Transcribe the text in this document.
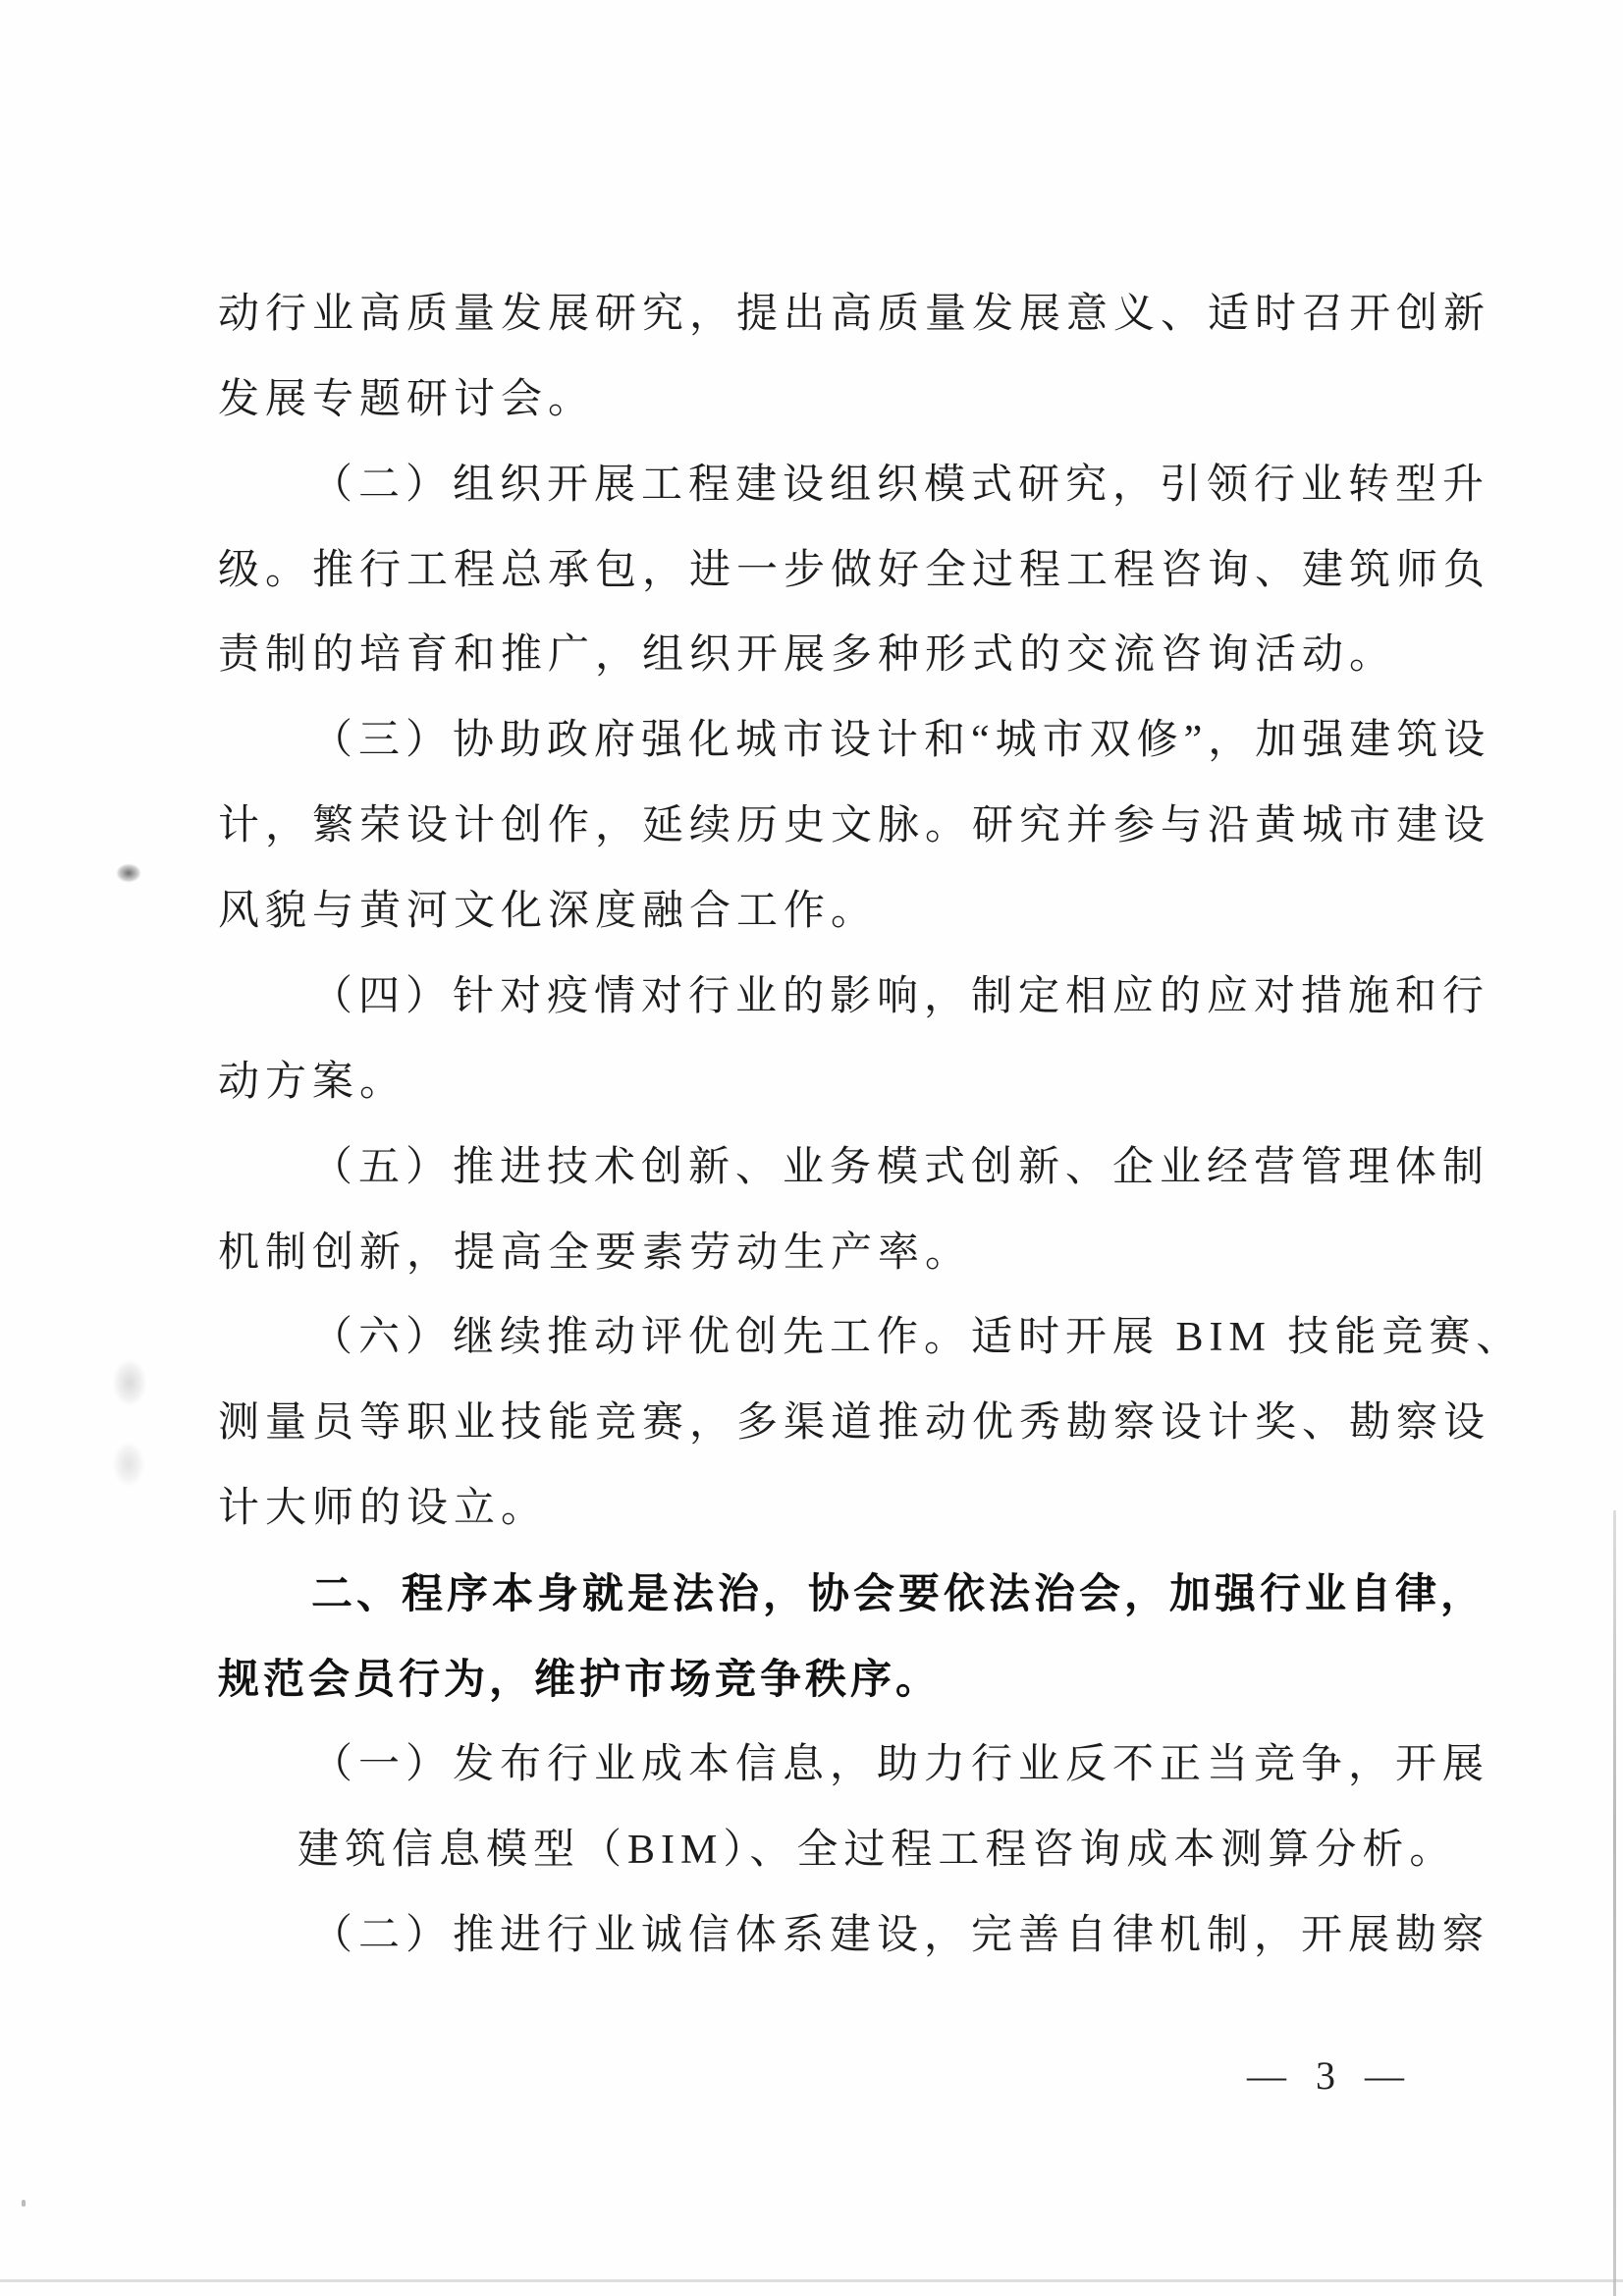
动行业高质量发展研究，提出高质量发展意义、适时召开创新
发展专题研讨会。
（二）组织开展工程建设组织模式研究，引领行业转型升
级。推行工程总承包，进一步做好全过程工程咨询、建筑师负
责制的培育和推广，组织开展多种形式的交流咨询活动。
（三）协助政府强化城市设计和“城市双修”，加强建筑设
计，繁荣设计创作，延续历史文脉。研究并参与沿黄城市建设
风貌与黄河文化深度融合工作。
（四）针对疫情对行业的影响，制定相应的应对措施和行
动方案。
（五）推进技术创新、业务模式创新、企业经营管理体制
机制创新，提高全要素劳动生产率。
（六）继续推动评优创先工作。适时开展 BIM 技能竞赛、
测量员等职业技能竞赛，多渠道推动优秀勘察设计奖、勘察设
计大师的设立。
二、程序本身就是法治，协会要依法治会，加强行业自律，
规范会员行为，维护市场竞争秩序。
（一）发布行业成本信息，助力行业反不正当竞争，开展
建筑信息模型（BIM）、全过程工程咨询成本测算分析。
（二）推进行业诚信体系建设，完善自律机制，开展勘察
— 3 —
